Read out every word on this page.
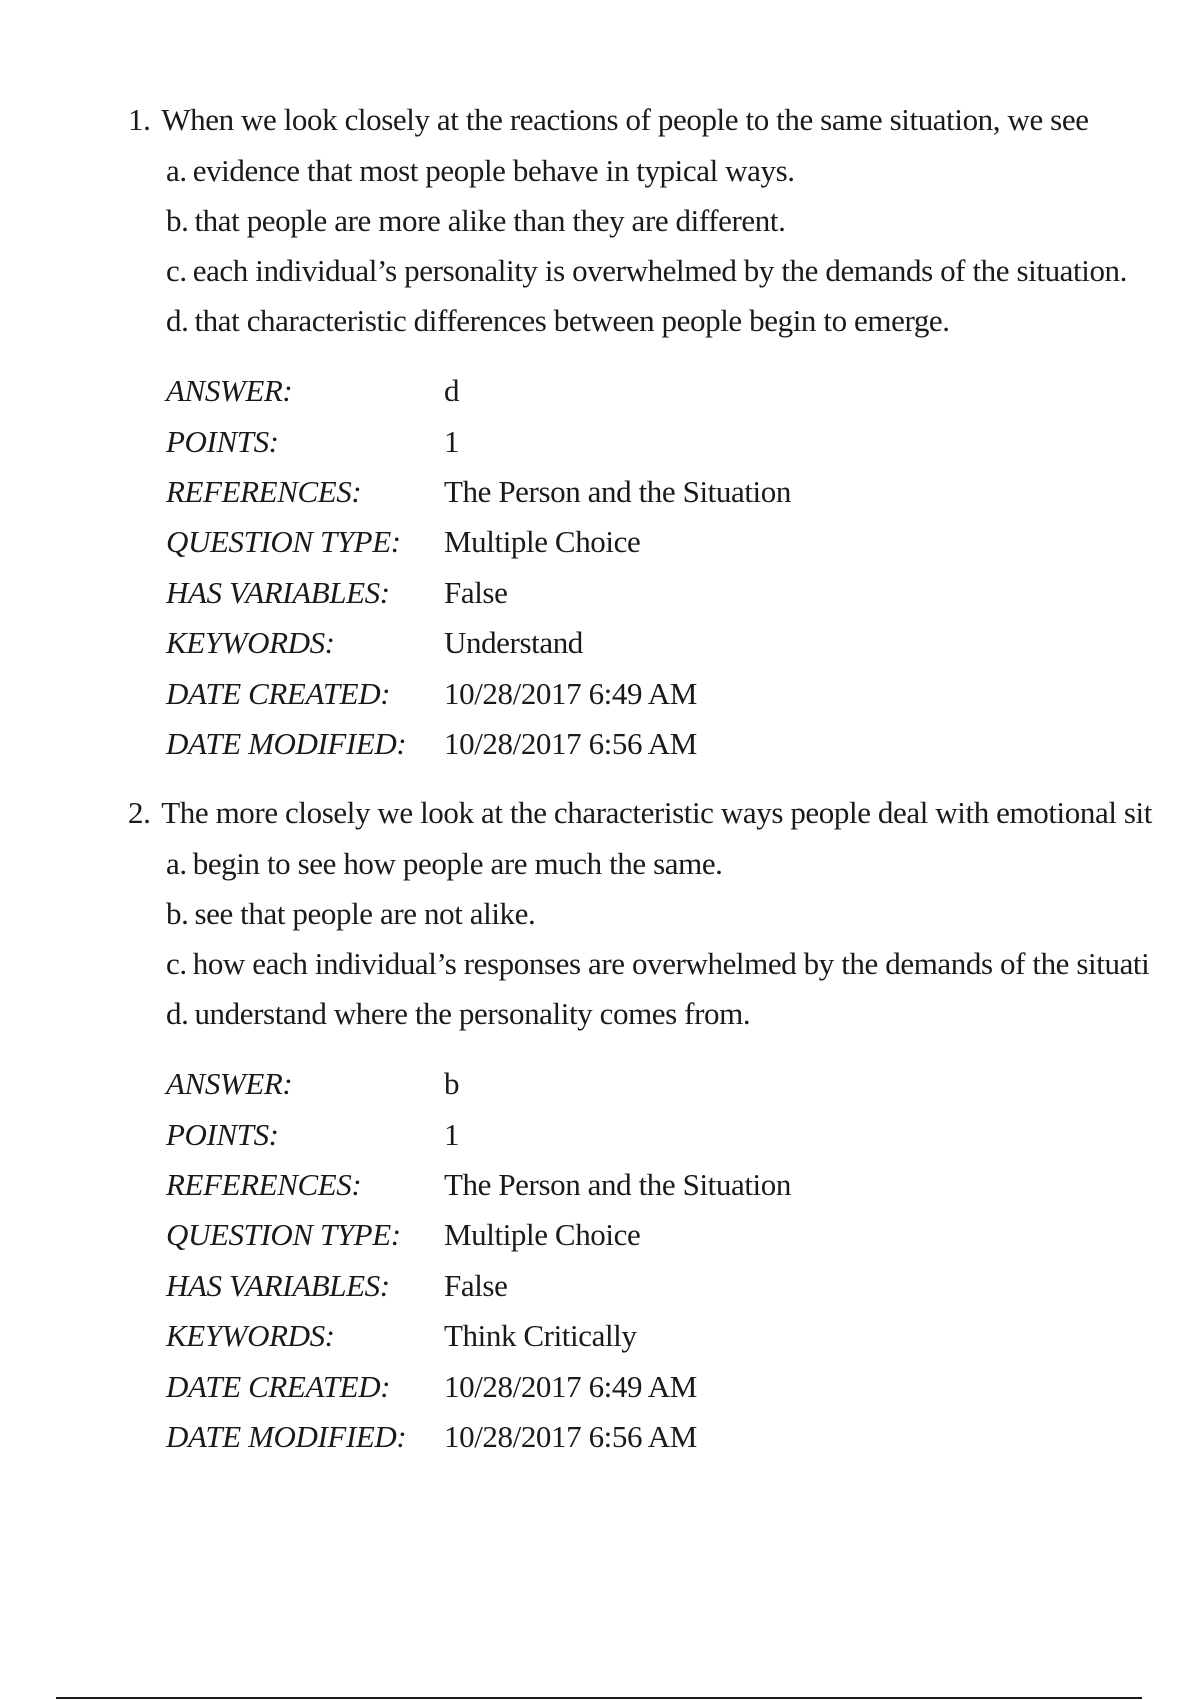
1. When we look closely at the reactions of people to the same situation, we see
a. evidence that most people behave in typical ways.
b. that people are more alike than they are different.
c. each individual’s personality is overwhelmed by the demands of the situation.
d. that characteristic differences between people begin to emerge.
ANSWER:	d
POINTS:	1
REFERENCES:	The Person and the Situation
QUESTION TYPE:	Multiple Choice
HAS VARIABLES:	False
KEYWORDS:	Understand
DATE CREATED:	10/28/2017 6:49 AM
DATE MODIFIED:	10/28/2017 6:56 AM
2. The more closely we look at the characteristic ways people deal with emotional sit
a. begin to see how people are much the same.
b. see that people are not alike.
c. how each individual’s responses are overwhelmed by the demands of the situati
d. understand where the personality comes from.
ANSWER:	b
POINTS:	1
REFERENCES:	The Person and the Situation
QUESTION TYPE:	Multiple Choice
HAS VARIABLES:	False
KEYWORDS:	Think Critically
DATE CREATED:	10/28/2017 6:49 AM
DATE MODIFIED:	10/28/2017 6:56 AM
